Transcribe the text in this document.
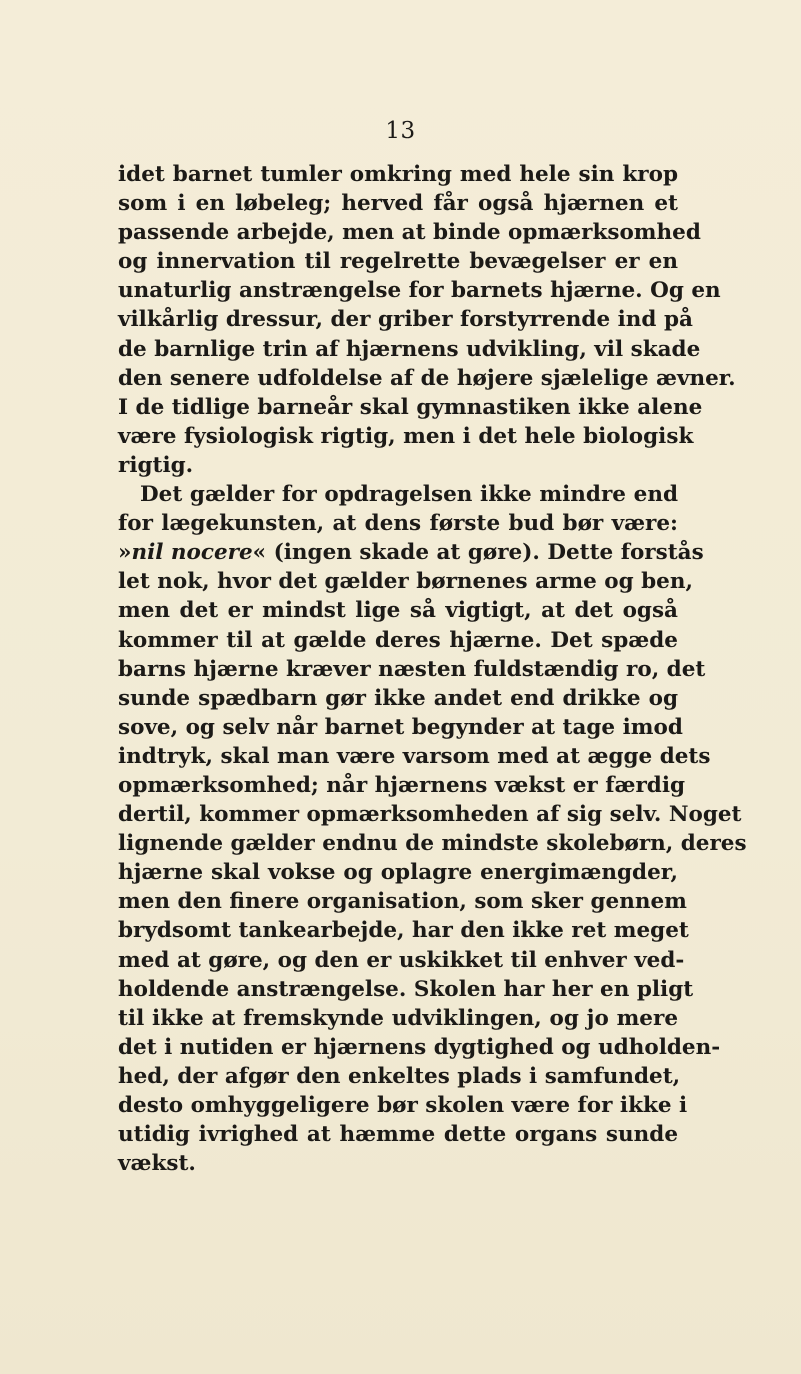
13
idet barnet tumler omkring med hele sin krop
som i en løbeleg; herved får også hjærnen et
passende arbejde, men at binde opmærksomhed
og innervation til regelrette bevægelser er en
unaturlig anstrængelse for barnets hjærne. Og en
vilkårlig dressur, der griber forstyrrende ind på
de barnlige trin af hjærnens udvikling, vil skade
den senere udfoldelse af de højere sjælelige ævner.
I de tidlige barneår skal gymnastiken ikke alene
være fysiologisk rigtig, men i det hele biologisk
rigtig.
Det gælder for opdragelsen ikke mindre end
for lægekunsten, at dens første bud bør være:
»nil nocere« (ingen skade at gøre). Dette forstås
let nok, hvor det gælder børnenes arme og ben,
men det er mindst lige så vigtigt, at det også
kommer til at gælde deres hjærne. Det spæde
barns hjærne kræver næsten fuldstændig ro, det
sunde spædbarn gør ikke andet end drikke og
sove, og selv når barnet begynder at tage imod
indtryk, skal man være varsom med at ægge dets
opmærksomhed; når hjærnens vækst er færdig
dertil, kommer opmærksomheden af sig selv. Noget
lignende gælder endnu de mindste skolebørn, deres
hjærne skal vokse og oplagre energimængder,
men den finere organisation, som sker gennem
brydsomt tankearbejde, har den ikke ret meget
med at gøre, og den er uskikket til enhver ved-
holdende anstrængelse. Skolen har her en pligt
til ikke at fremskynde udviklingen, og jo mere
det i nutiden er hjærnens dygtighed og udholden-
hed, der afgør den enkeltes plads i samfundet,
desto omhyggeligere bør skolen være for ikke i
utidig ivrighed at hæmme dette organs sunde
vækst.
